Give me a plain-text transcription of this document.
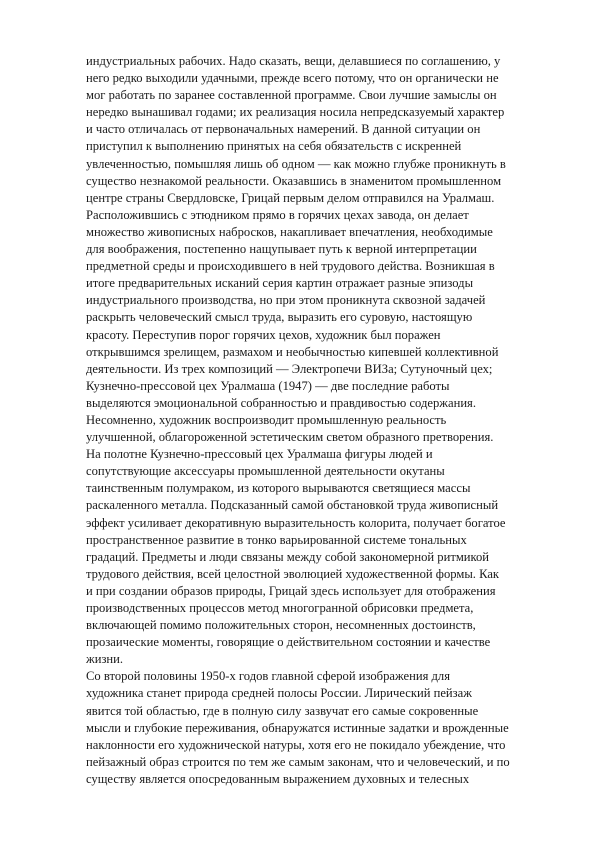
индустриальных рабочих. Надо сказать, вещи, делавшиеся по соглашению, у
него редко выходили удачными, прежде всего потому, что он органически не
мог работать по заранее составленной программе. Свои лучшие замыслы он
нередко вынашивал годами; их реализация носила непредсказуемый характер
и часто отличалась от первоначальных намерений. В данной ситуации он
приступил к выполнению принятых на себя обязательств с искренней
увлеченностью, помышляя лишь об одном — как можно глубже проникнуть в
существо незнакомой реальности. Оказавшись в знаменитом промышленном
центре страны Свердловске, Грицай первым делом отправился на Уралмаш.
Расположившись с этюдником прямо в горячих цехах завода, он делает
множество живописных набросков, накапливает впечатления, необходимые
для воображения, постепенно нащупывает путь к верной интерпретации
предметной среды и происходившего в ней трудового действа. Возникшая в
итоге предварительных исканий серия картин отражает разные эпизоды
индустриального производства, но при этом проникнута сквозной задачей
раскрыть человеческий смысл труда, выразить его суровую, настоящую
красоту. Переступив порог горячих цехов, художник был поражен
открывшимся зрелищем, размахом и необычностью кипевшей коллективной
деятельности. Из трех композиций — Электропечи ВИЗа; Сутуночный цех;
Кузнечно-прессовой цех Уралмаша (1947) — две последние работы
выделяются эмоциональной собранностью и правдивостью содержания.
Несомненно, художник воспроизводит промышленную реальность
улучшенной, облагороженной эстетическим светом образного претворения.
На полотне Кузнечно-прессовый цех Уралмаша фигуры людей и
сопутствующие аксессуары промышленной деятельности окутаны
таинственным полумраком, из которого вырываются светящиеся массы
раскаленного металла. Подсказанный самой обстановкой труда живописный
эффект усиливает декоративную выразительность колорита, получает богатое
пространственное развитие в тонко варьированной системе тональных
градаций. Предметы и люди связаны между собой закономерной ритмикой
трудового действия, всей целостной эволюцией художественной формы. Как
и при создании образов природы, Грицай здесь использует для отображения
производственных процессов метод многогранной обрисовки предмета,
включающей помимо положительных сторон, несомненных достоинств,
прозаические моменты, говорящие о действительном состоянии и качестве
жизни.
Со второй половины 1950-х годов главной сферой изображения для
художника станет природа средней полосы России. Лирический пейзаж
явится той областью, где в полную силу зазвучат его самые сокровенные
мысли и глубокие переживания, обнаружатся истинные задатки и врожденные
наклонности его художнической натуры, хотя его не покидало убеждение, что
пейзажный образ строится по тем же самым законам, что и человеческий, и по
существу является опосредованным выражением духовных и телесных
